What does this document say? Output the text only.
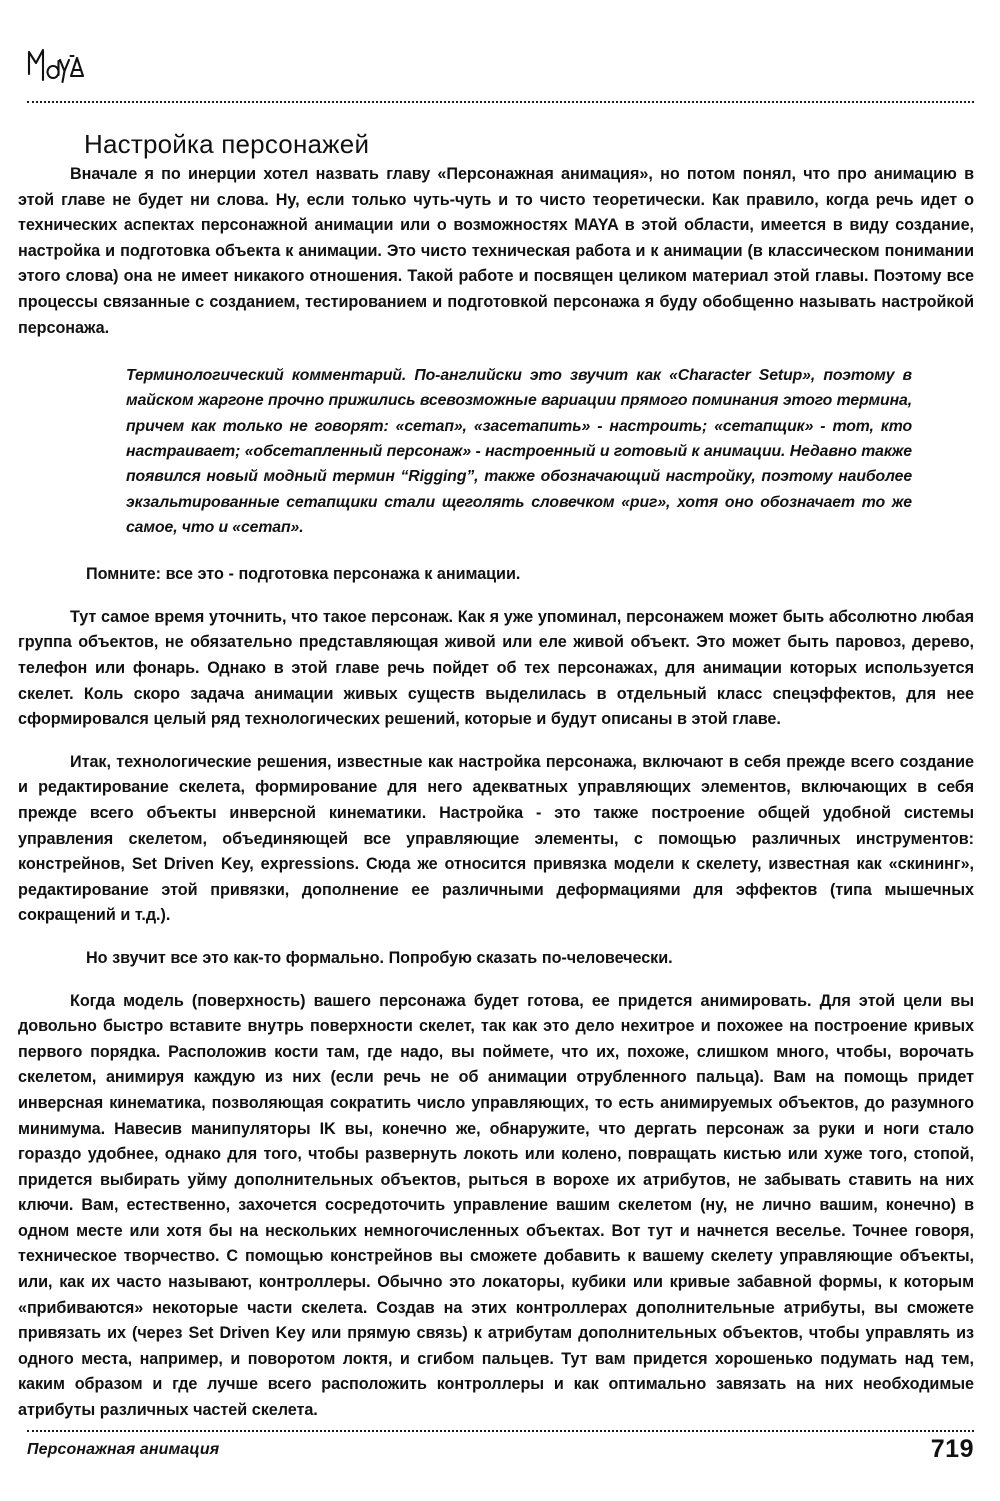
Настройка персонажей

Вначале я по инерции хотел назвать главу «Персонажная анимация», но потом понял, что про анимацию в этой главе не будет ни слова. Ну, если только чуть-чуть и то чисто теоретически. Как правило, когда речь идет о технических аспектах персонажной анимации или о возможностях MAYA в этой области, имеется в виду создание, настройка и подготовка объекта к анимации. Это чисто техническая работа и к анимации (в классическом понимании этого слова) она не имеет никакого отношения. Такой работе и посвящен целиком материал этой главы. Поэтому все процессы связанные с созданием, тестированием и подготовкой персонажа я буду обобщенно называть настройкой персонажа.

Терминологический комментарий. По-английски это звучит как «Character Setup», поэтому в майском жаргоне прочно прижились всевозможные вариации прямого поминания этого термина, причем как только не говорят: «сетап», «засетапить» - настроить; «сетапщик» - тот, кто настраивает; «обсетапленный персонаж» - настроенный и готовый к анимации. Недавно также появился новый модный термин “Rigging”, также обозначающий настройку, поэтому наиболее экзальтированные сетапщики стали щеголять словечком «риг», хотя оно обозначает то же самое, что и «сетап».

Помните: все это - подготовка персонажа к анимации.

Тут самое время уточнить, что такое персонаж. Как я уже упоминал, персонажем может быть абсолютно любая группа объектов, не обязательно представляющая живой или еле живой объект. Это может быть паровоз, дерево, телефон или фонарь. Однако в этой главе речь пойдет об тех персонажах, для анимации которых используется скелет. Коль скоро задача анимации живых существ выделилась в отдельный класс спецэффектов, для нее сформировался целый ряд технологических решений, которые и будут описаны в этой главе.

Итак, технологические решения, известные как настройка персонажа, включают в себя прежде всего создание и редактирование скелета, формирование для него адекватных управляющих элементов, включающих в себя прежде всего объекты инверсной кинематики. Настройка - это также построение общей удобной системы управления скелетом, объединяющей все управляющие элементы, с помощью различных инструментов: констрейнов, Set Driven Key, expressions. Сюда же относится привязка модели к скелету, известная как «скининг», редактирование этой привязки, дополнение ее различными деформациями для эффектов (типа мышечных сокращений и т.д.).

Но звучит все это как-то формально. Попробую сказать по-человечески.

Когда модель (поверхность) вашего персонажа будет готова, ее придется анимировать. Для этой цели вы довольно быстро вставите внутрь поверхности скелет, так как это дело нехитрое и похожее на построение кривых первого порядка. Расположив кости там, где надо, вы поймете, что их, похоже, слишком много, чтобы, ворочать скелетом, анимируя каждую из них (если речь не об анимации отрубленного пальца). Вам на помощь придет инверсная кинематика, позволяющая сократить число управляющих, то есть анимируемых объектов, до разумного минимума. Навесив манипуляторы IK вы, конечно же, обнаружите, что дергать персонаж за руки и ноги стало гораздо удобнее, однако для того, чтобы развернуть локоть или колено, повращать кистью или хуже того, стопой, придется выбирать уйму дополнительных объектов, рыться в ворохе их атрибутов, не забывать ставить на них ключи. Вам, естественно, захочется сосредоточить управление вашим скелетом (ну, не лично вашим, конечно) в одном месте или хотя бы на нескольких немногочисленных объектах. Вот тут и начнется веселье. Точнее говоря, техническое творчество. С помощью констрейнов вы сможете добавить к вашему скелету управляющие объекты, или, как их часто называют, контроллеры. Обычно это локаторы, кубики или кривые забавной формы, к которым «прибиваются» некоторые части скелета. Создав на этих контроллерах дополнительные атрибуты, вы сможете привязать их (через Set Driven Key или прямую связь) к атрибутам дополнительных объектов, чтобы управлять из одного места, например, и поворотом локтя, и сгибом пальцев. Тут вам придется хорошенько подумать над тем, каким образом и где лучше всего расположить контроллеры и как оптимально завязать на них необходимые атрибуты различных частей скелета.

Персонажная анимация	719
